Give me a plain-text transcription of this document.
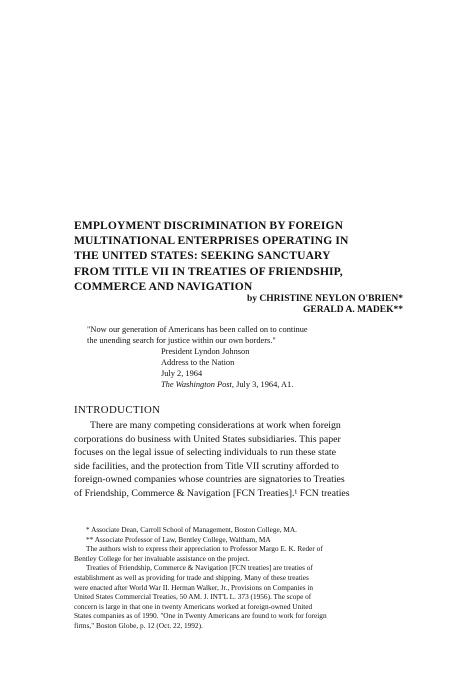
EMPLOYMENT DISCRIMINATION BY FOREIGN
MULTINATIONAL ENTERPRISES OPERATING IN
THE UNITED STATES: SEEKING SANCTUARY
FROM TITLE VII IN TREATIES OF FRIENDSHIP,
COMMERCE AND NAVIGATION
by CHRISTINE NEYLON O'BRIEN*
GERALD A. MADEK**
"Now our generation of Americans has been called on to continue
the unending search for justice within our own borders."
President Lyndon Johnson
Address to the Nation
July 2, 1964
The Washington Post, July 3, 1964, A1.
INTRODUCTION
There are many competing considerations at work when foreign
corporations do business with United States subsidiaries. This paper
focuses on the legal issue of selecting individuals to run these state
side facilities, and the protection from Title VII scrutiny afforded to
foreign-owned companies whose countries are signatories to Treaties
of Friendship, Commerce & Navigation [FCN Treaties].¹ FCN treaties
* Associate Dean, Carroll School of Management, Boston College, MA.
** Associate Professor of Law, Bentley College, Waltham, MA
The authors wish to express their appreciation to Professor Margo E. K. Reder of
Bentley College for her invaluable assistance on the project.
Treaties of Friendship, Commerce & Navigation [FCN treaties] are treaties of
establishment as well as providing for trade and shipping. Many of these treaties
were enacted after World War II. Herman Walker, Jr., Provisions on Companies in
United States Commercial Treaties, 50 AM. J. INT'L L. 373 (1956). The scope of
concern is large in that one in twenty Americans worked at foreign-owned United
States companies as of 1990. "One in Twenty Americans are found to work for foreign
firms," Boston Globe, p. 12 (Oct. 22, 1992).
